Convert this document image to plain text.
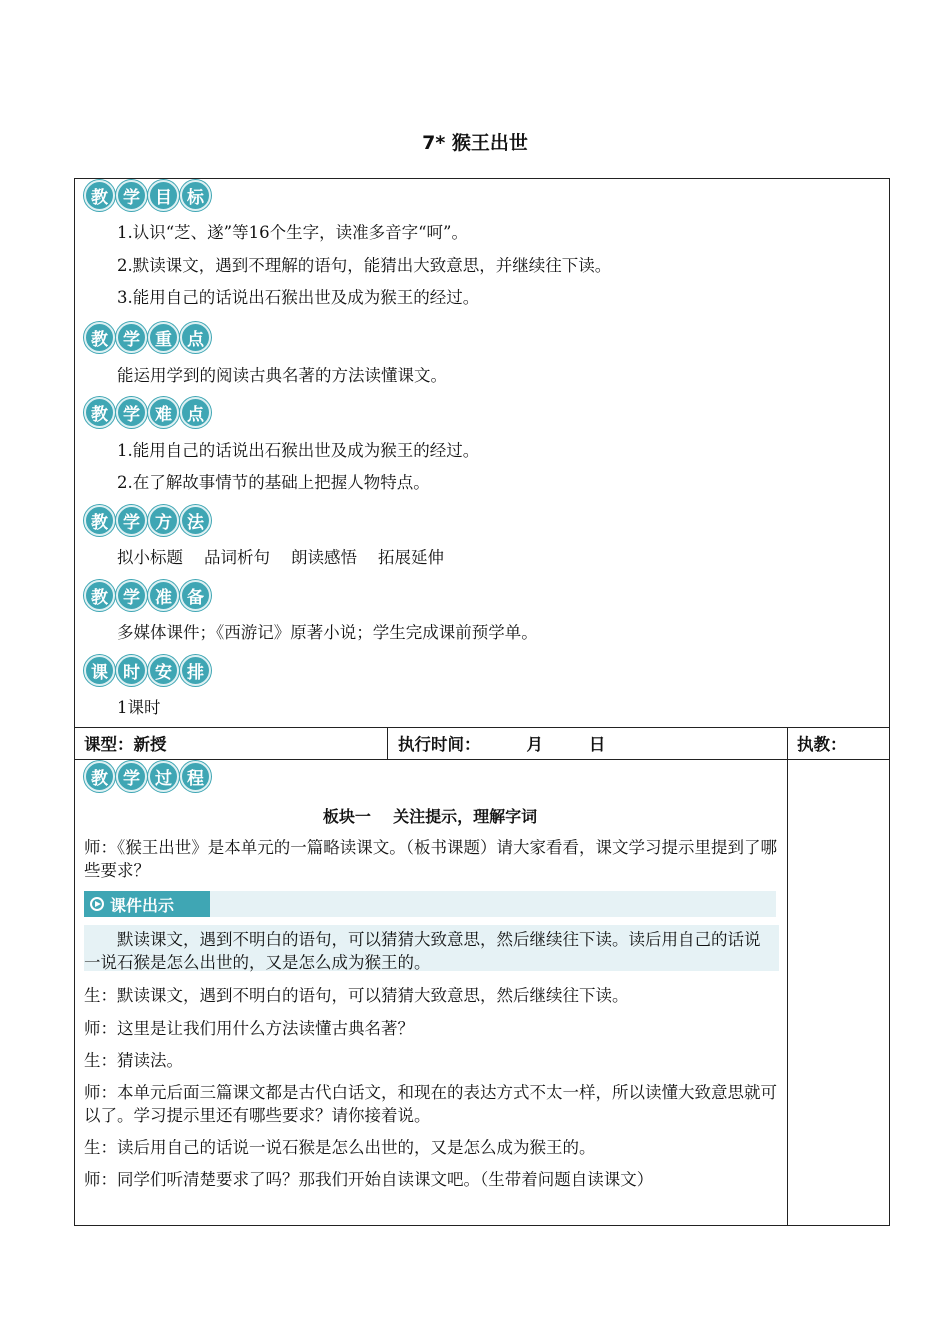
7* 猴王出世
教 学 目 标
1.认识“芝、遂”等16个生字，读准多音字“呵”。
2.默读课文，遇到不理解的语句，能猜出大致意思，并继续往下读。
3.能用自己的话说出石猴出世及成为猴王的经过。
教 学 重 点
能运用学到的阅读古典名著的方法读懂课文。
教 学 难 点
1.能用自己的话说出石猴出世及成为猴王的经过。
2.在了解故事情节的基础上把握人物特点。
教 学 方 法
拟小标题    品词析句    朗读感悟    拓展延伸
教 学 准 备
多媒体课件；《西游记》原著小说；学生完成课前预学单。
课 时 安 排
1课时
课型：新授	执行时间：        月        日	执教：
教 学 过 程
板块一    关注提示，理解字词
师：《猴王出世》是本单元的一篇略读课文。（板书课题）请大家看看，课文学习提示里提到了哪些要求？
课件出示
默读课文，遇到不明白的语句，可以猜猜大致意思，然后继续往下读。读后用自己的话说一说石猴是怎么出世的，又是怎么成为猴王的。
生：默读课文，遇到不明白的语句，可以猜猜大致意思，然后继续往下读。
师：这里是让我们用什么方法读懂古典名著？
生：猜读法。
师：本单元后面三篇课文都是古代白话文，和现在的表达方式不太一样，所以读懂大致意思就可以了。学习提示里还有哪些要求？请你接着说。
生：读后用自己的话说一说石猴是怎么出世的，又是怎么成为猴王的。
师：同学们听清楚要求了吗？那我们开始自读课文吧。（生带着问题自读课文）
